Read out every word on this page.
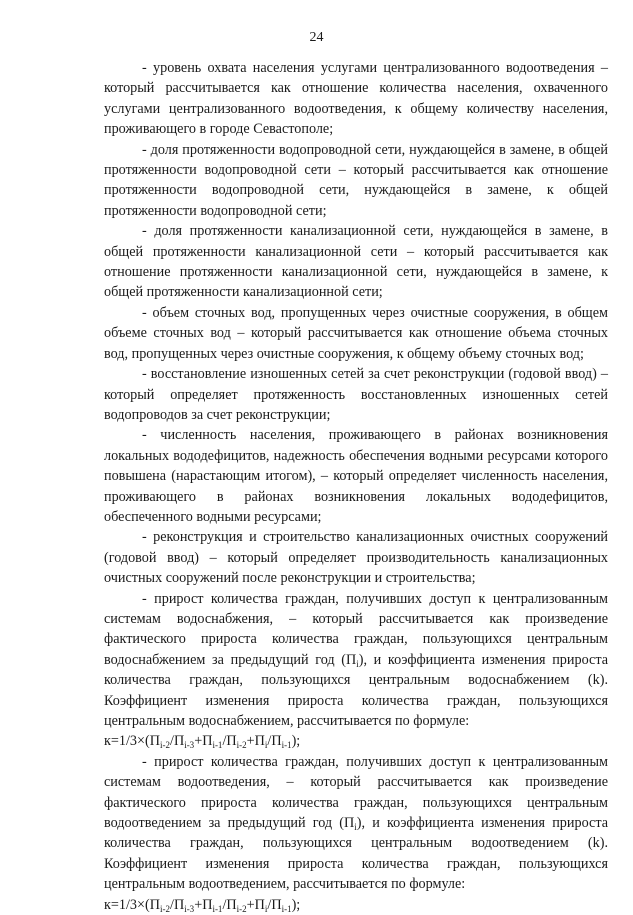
24

- уровень охвата населения услугами централизованного водоотведения – который рассчитывается как отношение количества населения, охваченного услугами централизованного водоотведения, к общему количеству населения, проживающего в городе Севастополе;

- доля протяженности водопроводной сети, нуждающейся в замене, в общей протяженности водопроводной сети – который рассчитывается как отношение протяженности водопроводной сети, нуждающейся в замене, к общей протяженности водопроводной сети;

- доля протяженности канализационной сети, нуждающейся в замене, в общей протяженности канализационной сети – который рассчитывается как отношение протяженности канализационной сети, нуждающейся в замене, к общей протяженности канализационной сети;

- объем сточных вод, пропущенных через очистные сооружения, в общем объеме сточных вод – который рассчитывается как отношение объема сточных вод, пропущенных через очистные сооружения, к общему объему сточных вод;

- восстановление изношенных сетей за счет реконструкции (годовой ввод) – который определяет протяженность восстановленных изношенных сетей водопроводов за счет реконструкции;

- численность населения, проживающего в районах возникновения локальных вододефицитов, надежность обеспечения водными ресурсами которого повышена (нарастающим итогом), – который определяет численность населения, проживающего в районах возникновения локальных вододефицитов, обеспеченного водными ресурсами;

- реконструкция и строительство канализационных очистных сооружений (годовой ввод) – который определяет производительность канализационных очистных сооружений после реконструкции и строительства;

- прирост количества граждан, получивших доступ к централизованным системам водоснабжения, – который рассчитывается как произведение фактического прироста количества граждан, пользующихся центральным водоснабжением за предыдущий год $(П_i)$, и коэффициента изменения прироста количества граждан, пользующихся центральным водоснабжением (k). Коэффициент изменения прироста количества граждан, пользующихся центральным водоснабжением, рассчитывается по формуле:

$к=1/3\times(П_{i-2}/П_{i-3}+П_{i-1}/П_{i-2}+П_i/П_{i-1})$;

- прирост количества граждан, получивших доступ к централизованным системам водоотведения, – который рассчитывается как произведение фактического прироста количества граждан, пользующихся центральным водоотведением за предыдущий год $(П_i)$, и коэффициента изменения прироста количества граждан, пользующихся центральным водоотведением (k). Коэффициент изменения прироста количества граждан, пользующихся центральным водоотведением, рассчитывается по формуле:

$к=1/3\times(П_{i-2}/П_{i-3}+П_{i-1}/П_{i-2}+П_i/П_{i-1})$;
